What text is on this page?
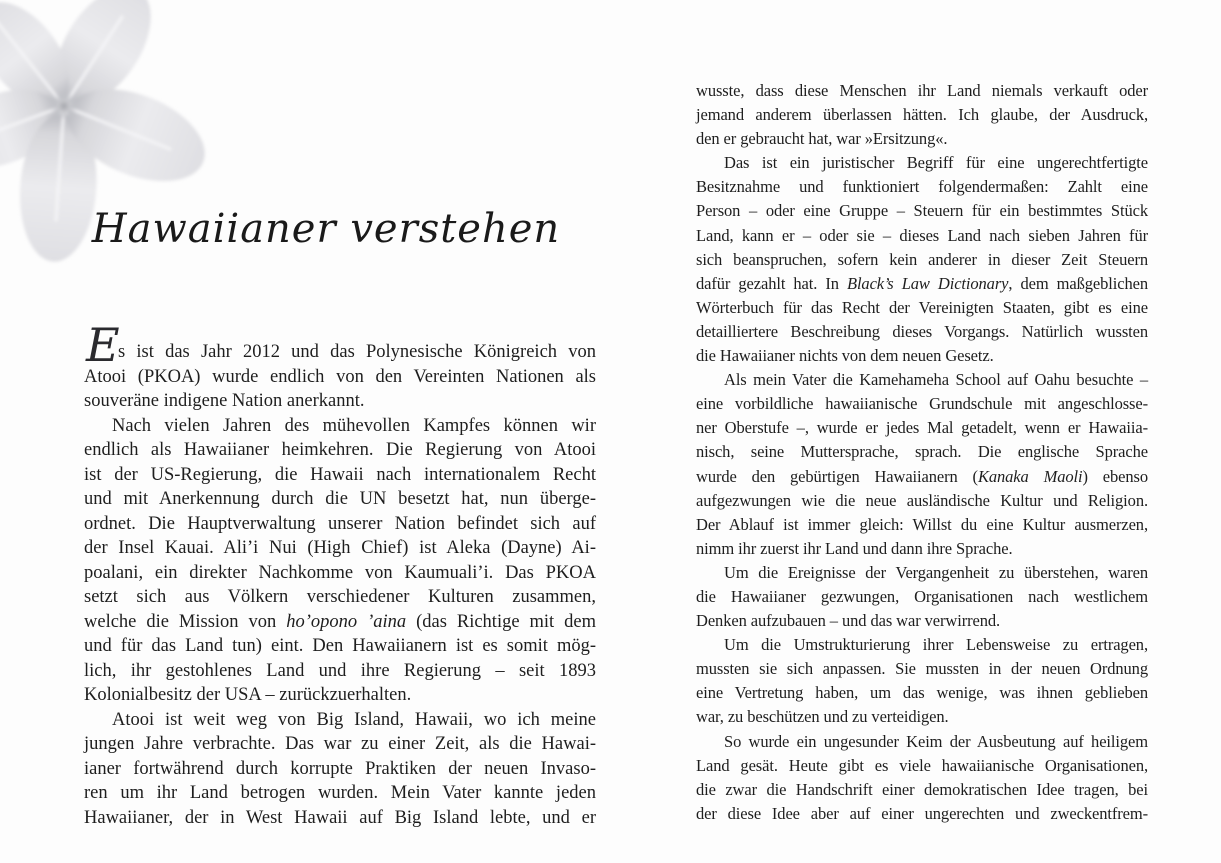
Hawaiianer verstehen
E
s ist das Jahr 2012 und das Polynesische Königreich von
Atooi (PKOA) wurde endlich von den Vereinten Nationen als
souveräne indigene Nation anerkannt.
Nach vielen Jahren des mühevollen Kampfes können wir
endlich als Hawaiianer heimkehren. Die Regierung von Atooi
ist der US-Regierung, die Hawaii nach internationalem Recht
und mit Anerkennung durch die UN besetzt hat, nun überge-
ordnet. Die Hauptverwaltung unserer Nation befindet sich auf
der Insel Kauai. Ali’i Nui (High Chief) ist Aleka (Dayne) Ai-
poalani, ein direkter Nachkomme von Kaumuali’i. Das PKOA
setzt sich aus Völkern verschiedener Kulturen zusammen,
welche die Mission von ho’opono ’aina (das Richtige mit dem
und für das Land tun) eint. Den Hawaiianern ist es somit mög-
lich, ihr gestohlenes Land und ihre Regierung – seit 1893
Kolonialbesitz der USA – zurückzuerhalten.
Atooi ist weit weg von Big Island, Hawaii, wo ich meine
jungen Jahre verbrachte. Das war zu einer Zeit, als die Hawai-
ianer fortwährend durch korrupte Praktiken der neuen Invaso-
ren um ihr Land betrogen wurden. Mein Vater kannte jeden
Hawaiianer, der in West Hawaii auf Big Island lebte, und er
wusste, dass diese Menschen ihr Land niemals verkauft oder
jemand anderem überlassen hätten. Ich glaube, der Ausdruck,
den er gebraucht hat, war »Ersitzung«.
Das ist ein juristischer Begriff für eine ungerechtfertigte
Besitznahme und funktioniert folgendermaßen: Zahlt eine
Person – oder eine Gruppe – Steuern für ein bestimmtes Stück
Land, kann er – oder sie – dieses Land nach sieben Jahren für
sich beanspruchen, sofern kein anderer in dieser Zeit Steuern
dafür gezahlt hat. In Black’s Law Dictionary, dem maßgeblichen
Wörterbuch für das Recht der Vereinigten Staaten, gibt es eine
detailliertere Beschreibung dieses Vorgangs. Natürlich wussten
die Hawaiianer nichts von dem neuen Gesetz.
Als mein Vater die Kamehameha School auf Oahu besuchte –
eine vorbildliche hawaiianische Grundschule mit angeschlosse-
ner Oberstufe –, wurde er jedes Mal getadelt, wenn er Hawaiia-
nisch, seine Muttersprache, sprach. Die englische Sprache
wurde den gebürtigen Hawaiianern (Kanaka Maoli) ebenso
aufgezwungen wie die neue ausländische Kultur und Religion.
Der Ablauf ist immer gleich: Willst du eine Kultur ausmerzen,
nimm ihr zuerst ihr Land und dann ihre Sprache.
Um die Ereignisse der Vergangenheit zu überstehen, waren
die Hawaiianer gezwungen, Organisationen nach westlichem
Denken aufzubauen – und das war verwirrend.
Um die Umstrukturierung ihrer Lebensweise zu ertragen,
mussten sie sich anpassen. Sie mussten in der neuen Ordnung
eine Vertretung haben, um das wenige, was ihnen geblieben
war, zu beschützen und zu verteidigen.
So wurde ein ungesunder Keim der Ausbeutung auf heiligem
Land gesät. Heute gibt es viele hawaiianische Organisationen,
die zwar die Handschrift einer demokratischen Idee tragen, bei
der diese Idee aber auf einer ungerechten und zweckentfrem-
